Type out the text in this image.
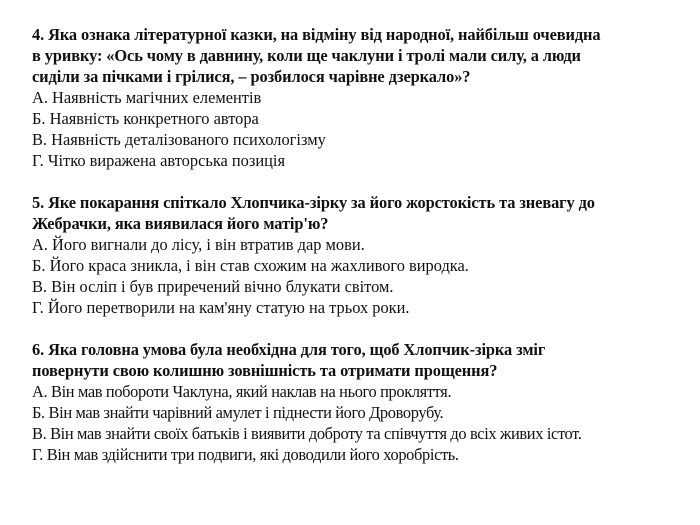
4. Яка ознака літературної казки, на відміну від народної, найбільш очевидна
в уривку: «Ось чому в давнину, коли ще чаклуни і тролі мали силу, а люди
сиділи за пічками і грілися, – розбилося чарівне дзеркало»?

А. Наявність магічних елементів

Б. Наявність конкретного автора

В. Наявність деталізованого психологізму

Г. Чітко виражена авторська позиція

5. Яке покарання спіткало Хлопчика-зірку за його жорстокість та зневагу до
Жебрачки, яка виявилася його матір'ю?

А. Його вигнали до лісу, і він втратив дар мови.

Б. Його краса зникла, і він став схожим на жахливого виродка.

В. Він осліп і був приречений вічно блукати світом.

Г. Його перетворили на кам'яну статую на трьох роки.

6. Яка головна умова була необхідна для того, щоб Хлопчик-зірка зміг
повернути свою колишню зовнішність та отримати прощення?

А. Він мав побороти Чаклуна, який наклав на нього прокляття.

Б. Він мав знайти чарівний амулет і піднести його Дроворубу.

В. Він мав знайти своїх батьків і виявити доброту та співчуття до всіх живих істот.

Г. Він мав здійснити три подвиги, які доводили його хоробрість.
